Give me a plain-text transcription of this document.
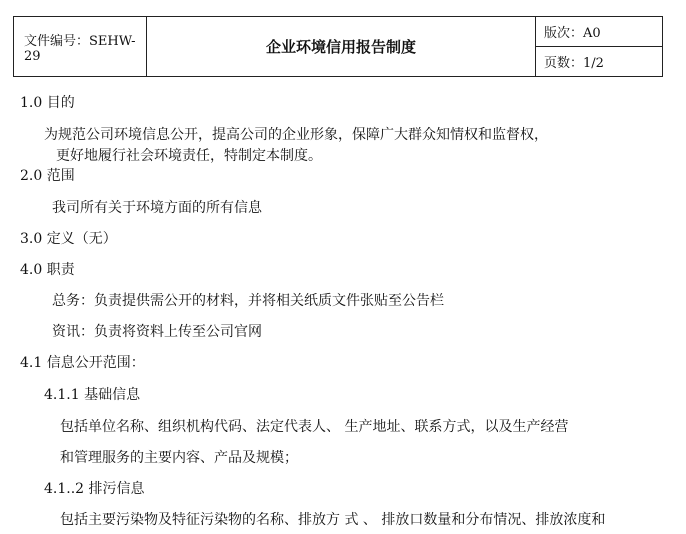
文件编号：SEHW-29	企业环境信用报告制度
版次：A0
页数：1/2
1.0 目的
为规范公司环境信息公开，提高公司的企业形象，保障广大群众知情权和监督权，
更好地履行社会环境责任，特制定本制度。
2.0 范围
我司所有关于环境方面的所有信息
3.0 定义（无）
4.0 职责
总务：负责提供需公开的材料，并将相关纸质文件张贴至公告栏
资讯：负责将资料上传至公司官网
4.1 信息公开范围：
4.1.1 基础信息
包括单位名称、组织机构代码、法定代表人、 生产地址、联系方式，以及生产经营
和管理服务的主要内容、产品及规模；
4.1..2 排污信息
包括主要污染物及特征污染物的名称、排放方 式 、 排放口数量和分布情况、排放浓度和
